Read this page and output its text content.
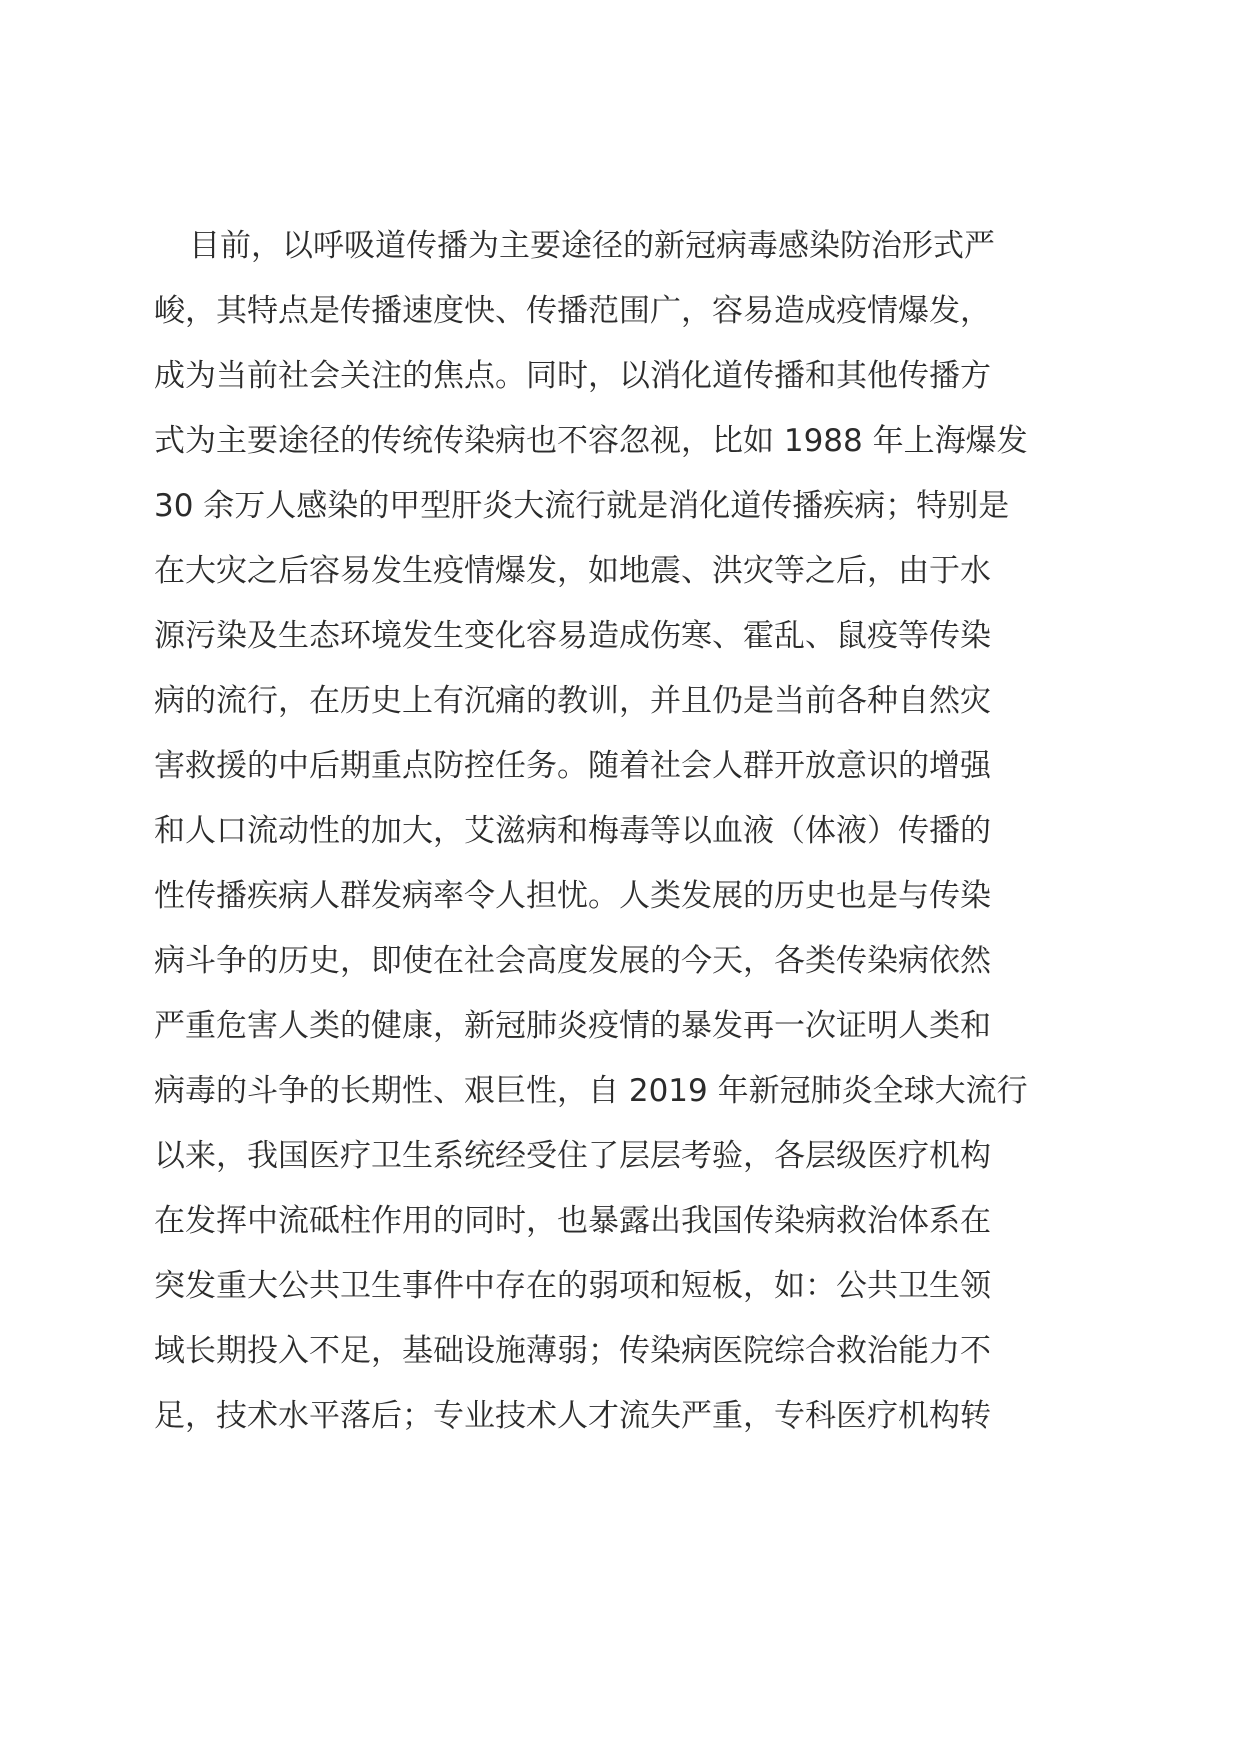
目前，以呼吸道传播为主要途径的新冠病毒感染防治形式严
峻，其特点是传播速度快、传播范围广，容易造成疫情爆发，
成为当前社会关注的焦点。同时，以消化道传播和其他传播方
式为主要途径的传统传染病也不容忽视，比如 1988 年上海爆发
30 余万人感染的甲型肝炎大流行就是消化道传播疾病；特别是
在大灾之后容易发生疫情爆发，如地震、洪灾等之后，由于水
源污染及生态环境发生变化容易造成伤寒、霍乱、鼠疫等传染
病的流行，在历史上有沉痛的教训，并且仍是当前各种自然灾
害救援的中后期重点防控任务。随着社会人群开放意识的增强
和人口流动性的加大，艾滋病和梅毒等以血液（体液）传播的
性传播疾病人群发病率令人担忧。人类发展的历史也是与传染
病斗争的历史，即使在社会高度发展的今天，各类传染病依然
严重危害人类的健康，新冠肺炎疫情的暴发再一次证明人类和
病毒的斗争的长期性、艰巨性，自 2019 年新冠肺炎全球大流行
以来，我国医疗卫生系统经受住了层层考验，各层级医疗机构
在发挥中流砥柱作用的同时，也暴露出我国传染病救治体系在
突发重大公共卫生事件中存在的弱项和短板，如：公共卫生领
域长期投入不足，基础设施薄弱；传染病医院综合救治能力不
足，技术水平落后；专业技术人才流失严重，专科医疗机构转
